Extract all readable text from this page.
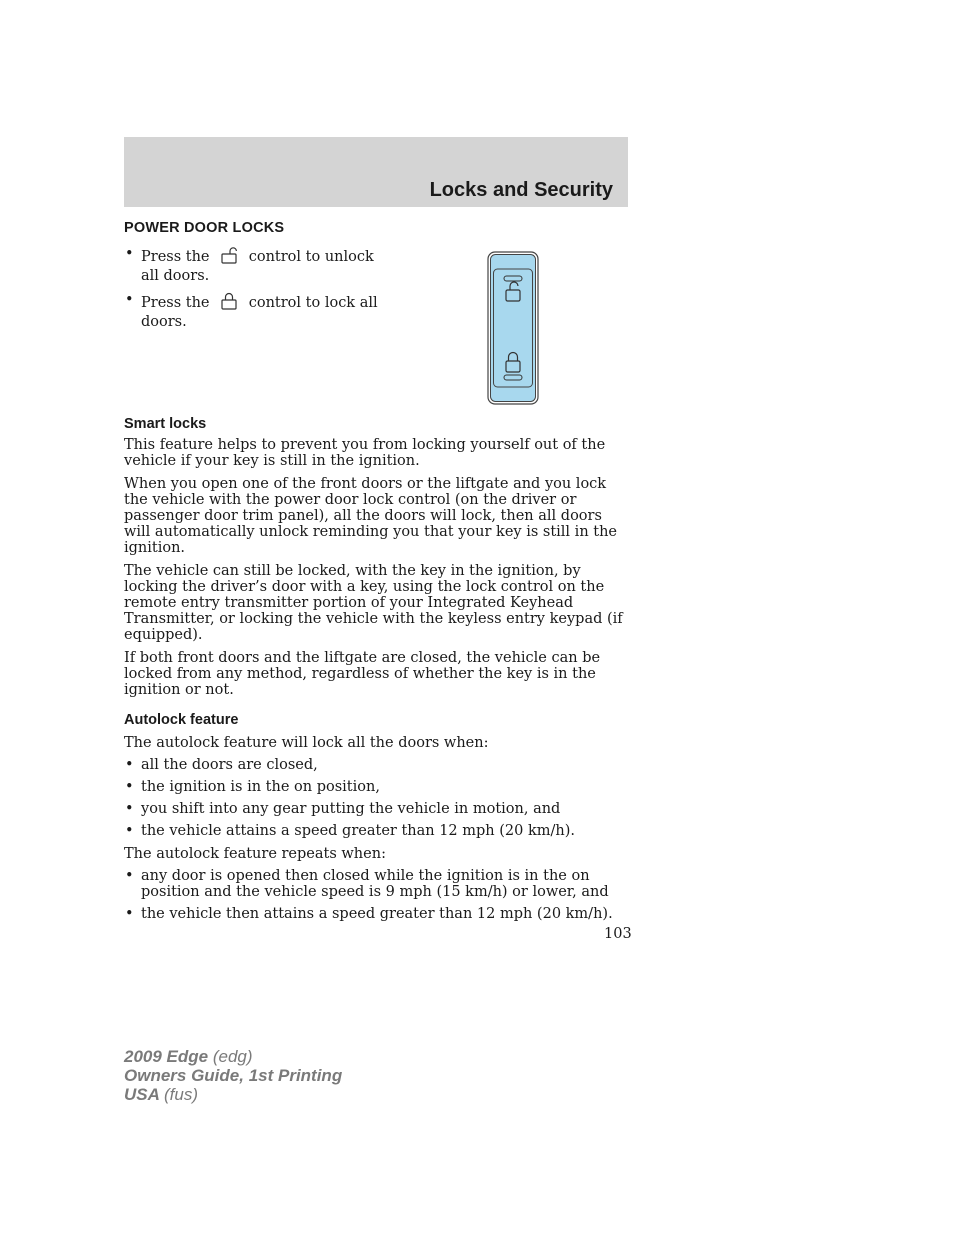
Locks and Security
POWER DOOR LOCKS
• Press the	control to unlock all doors.
• Press the	control to lock all doors.
Smart locks

This feature helps to prevent you from locking yourself out of the vehicle if your key is still in the ignition.

When you open one of the front doors or the liftgate and you lock the vehicle with the power door lock control (on the driver or passenger door trim panel), all the doors will lock, then all doors will automatically unlock reminding you that your key is still in the ignition.

The vehicle can still be locked, with the key in the ignition, by locking the driver’s door with a key, using the lock control on the remote entry transmitter portion of your Integrated Keyhead Transmitter, or locking the vehicle with the keyless entry keypad (if equipped).

If both front doors and the liftgate are closed, the vehicle can be locked from any method, regardless of whether the key is in the ignition or not.

Autolock feature

The autolock feature will lock all the doors when:

• all the doors are closed,
• the ignition is in the on position,
• you shift into any gear putting the vehicle in motion, and
• the vehicle attains a speed greater than 12 mph (20 km/h).

The autolock feature repeats when:

• any door is opened then closed while the ignition is in the on position and the vehicle speed is 9 mph (15 km/h) or lower, and
• the vehicle then attains a speed greater than 12 mph (20 km/h).
103
2009 Edge (edg)
Owners Guide, 1st Printing
USA (fus)
